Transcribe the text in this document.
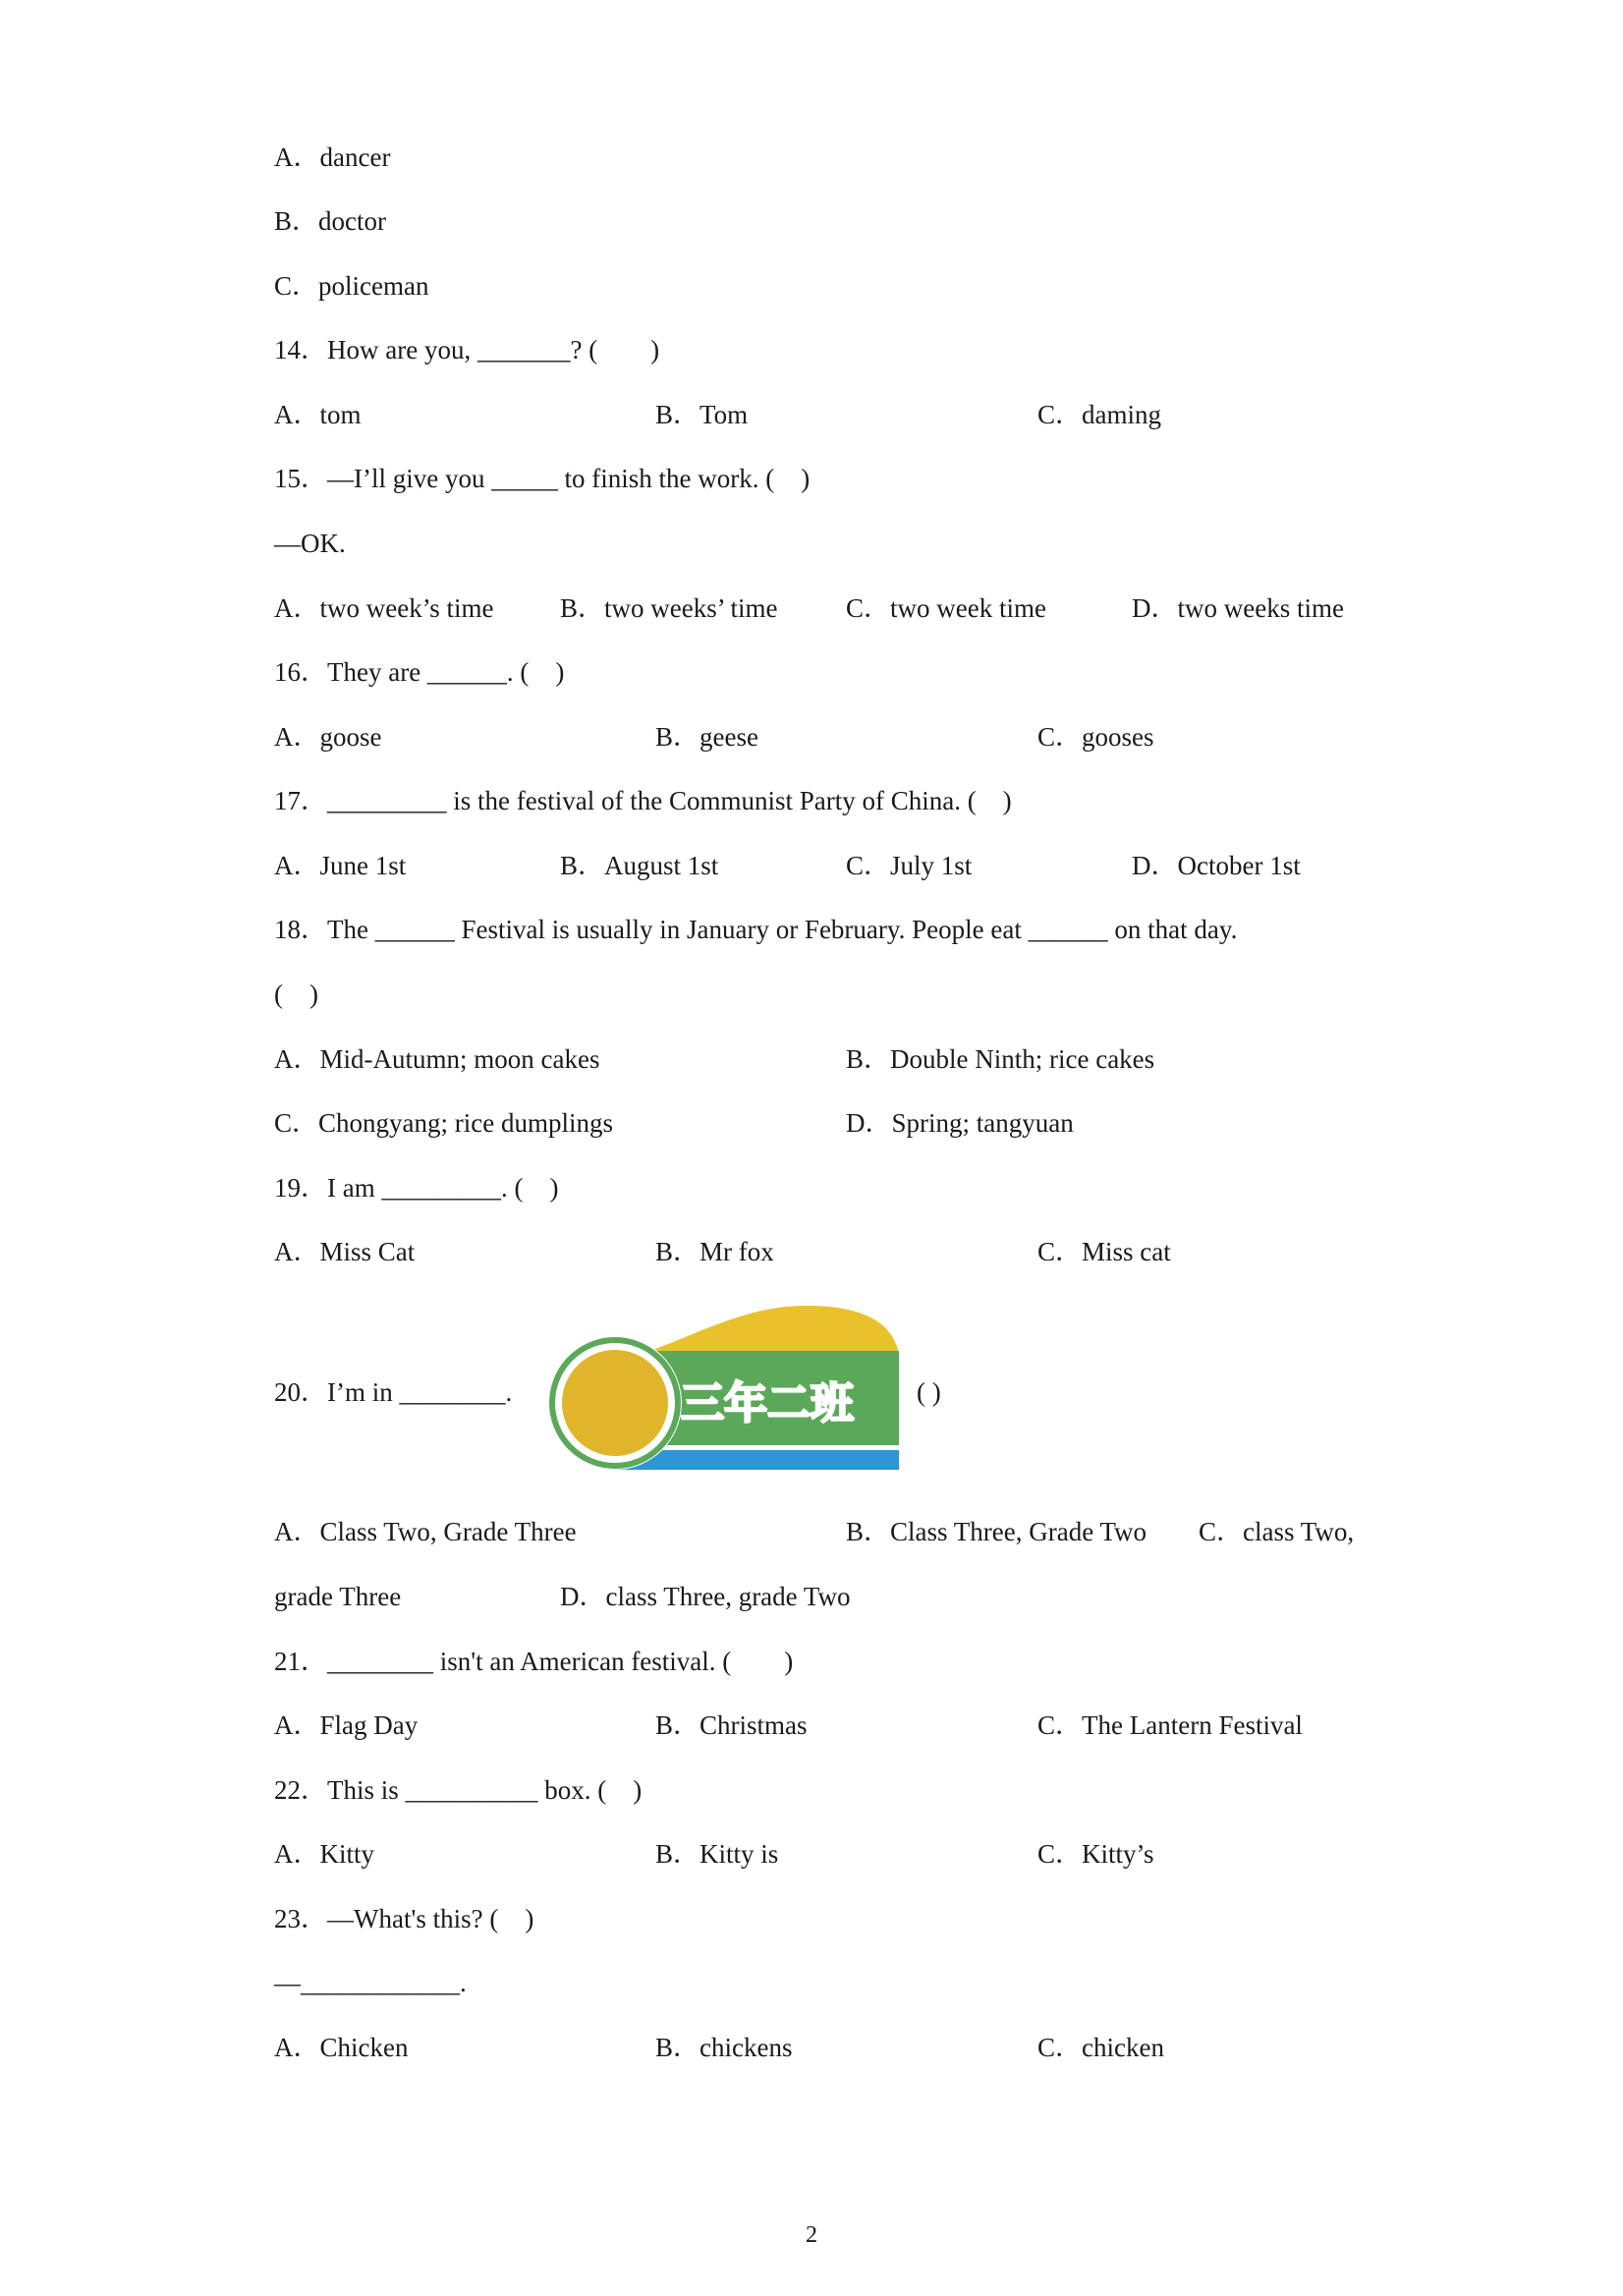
A．dancer
B．doctor
C．policeman
14．How are you, _______? (　　)
A．tom	B．Tom	C．daming
15．—I’ll give you _____ to finish the work. (　)
—OK.
A．two week’s time	B．two weeks’ time	C．two week time	D．two weeks time
16．They are ______. (　)
A．goose	B．geese	C．gooses
17．_________ is the festival of the Communist Party of China. (　)
A．June 1st	B．August 1st	C．July 1st	D．October 1st
18．The ______ Festival is usually in January or February. People eat ______ on that day.
(　)
A．Mid-Autumn; moon cakes	B．Double Ninth; rice cakes
C．Chongyang; rice dumplings	D．Spring; tangyuan
19．I am _________. (　)
A．Miss Cat	B．Mr fox	C．Miss cat
20．I’m in ________.	三年二班 ( )
A．Class Two, Grade Three	B．Class Three, Grade Two C．class Two,
grade Three	D．class Three, grade Two
21．________ isn't an American festival. (　　)
A．Flag Day	B．Christmas	C．The Lantern Festival
22．This is __________ box. (　)
A．Kitty	B．Kitty is	C．Kitty’s
23．—What's this? (　)
—____________.
A．Chicken	B．chickens	C．chicken
2
